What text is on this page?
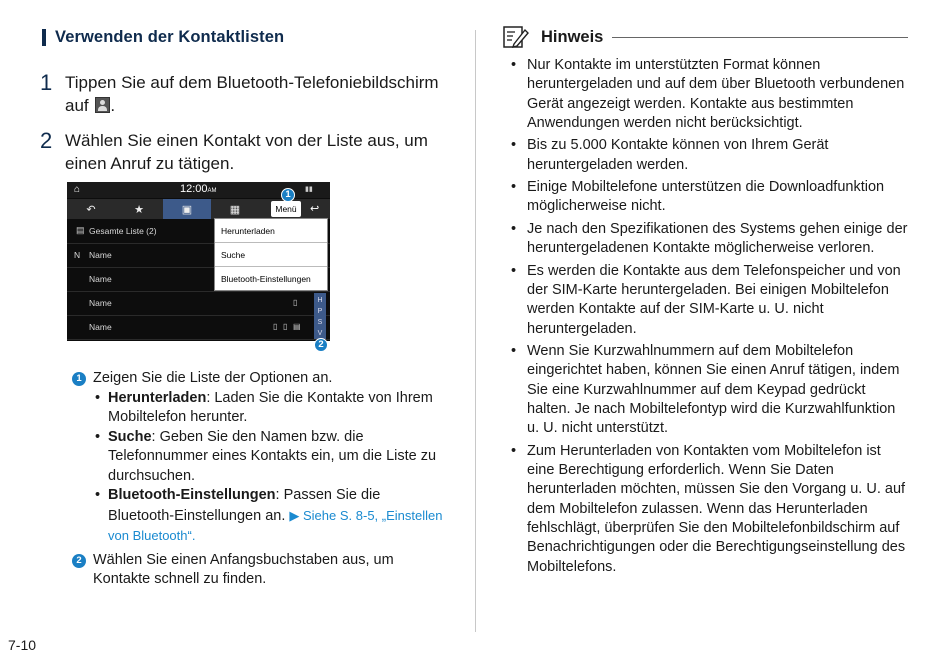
Verwenden der Kontaktlisten
1 Tippen Sie auf dem Bluetooth-Telefoniebildschirm auf .
2 Wählen Sie einen Kontakt von der Liste aus, um einen Anruf zu tätigen.
⌂	12:00AM	▮▮
↶	★	▣	▦	Menü	↩
▤ Gesamte Liste (2)
N Name
Name
Name	▯
Name	▯ ▯ ▤
Herunterladen
Suche
Bluetooth-Einstellungen
H
P
S
V
1
2
1 Zeigen Sie die Liste der Optionen an.
• Herunterladen: Laden Sie die Kontakte von Ihrem Mobiltelefon herunter.
• Suche: Geben Sie den Namen bzw. die Telefonnummer eines Kontakts ein, um die Liste zu durchsuchen.
• Bluetooth-Einstellungen: Passen Sie die Bluetooth-Einstellungen an. ▶ Siehe S. 8-5, „Einstellen von Bluetooth“.
2 Wählen Sie einen Anfangsbuchstaben aus, um Kontakte schnell zu finden.
7-10
Hinweis
• Nur Kontakte im unterstützten Format können heruntergeladen und auf dem über Bluetooth verbundenen Gerät angezeigt werden. Kontakte aus bestimmten Anwendungen werden nicht berücksichtigt.
• Bis zu 5.000 Kontakte können von Ihrem Gerät heruntergeladen werden.
• Einige Mobiltelefone unterstützen die Downloadfunktion möglicherweise nicht.
• Je nach den Spezifikationen des Systems gehen einige der heruntergeladenen Kontakte möglicherweise verloren.
• Es werden die Kontakte aus dem Telefonspeicher und von der SIM-Karte heruntergeladen. Bei einigen Mobiltelefon werden Kontakte auf der SIM-Karte u. U. nicht heruntergeladen.
• Wenn Sie Kurzwahlnummern auf dem Mobiltelefon eingerichtet haben, können Sie einen Anruf tätigen, indem Sie eine Kurzwahlnummer auf dem Keypad gedrückt halten. Je nach Mobiltelefontyp wird die Kurzwahlfunktion u. U. nicht unterstützt.
• Zum Herunterladen von Kontakten vom Mobiltelefon ist eine Berechtigung erforderlich. Wenn Sie Daten herunterladen möchten, müssen Sie den Vorgang u. U. auf dem Mobiltelefon zulassen. Wenn das Herunterladen fehlschlägt, überprüfen Sie den Mobiltelefonbildschirm auf Benachrichtigungen oder die Berechtigungseinstellung des Mobiltelefons.
